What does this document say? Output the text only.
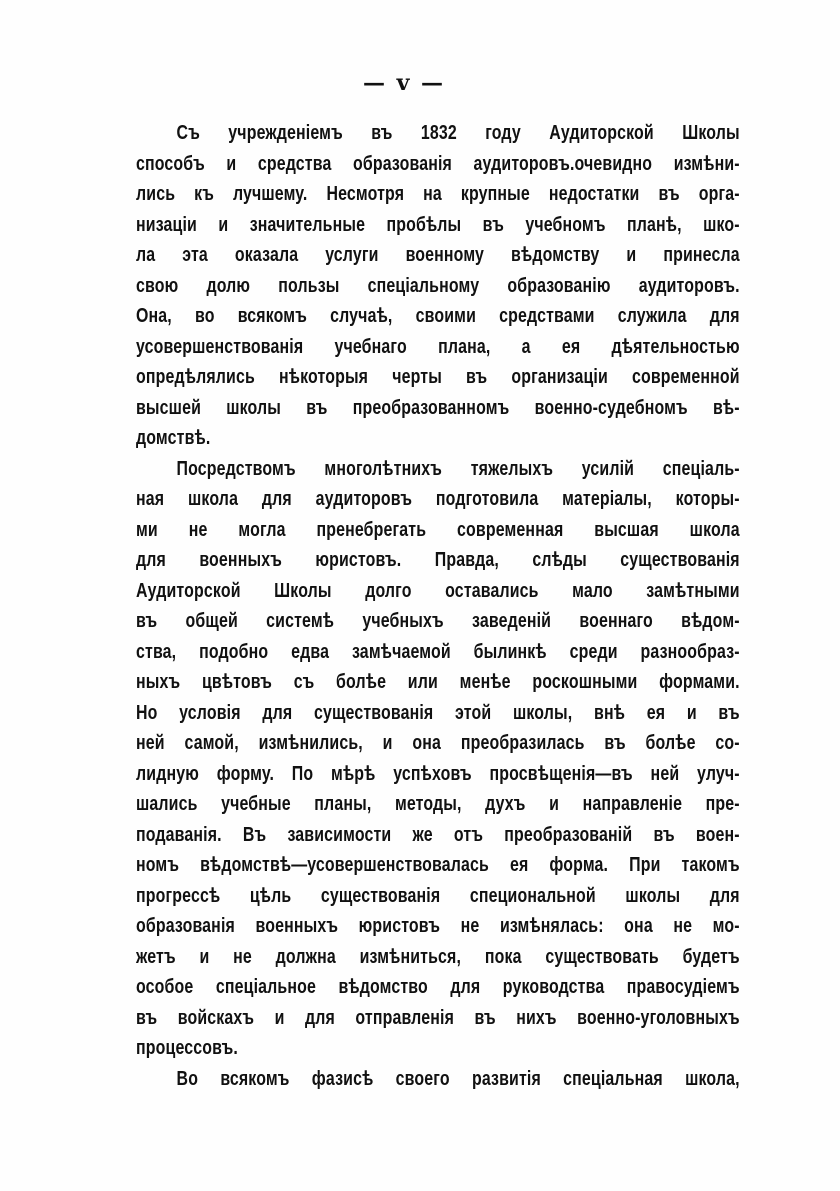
— v —
Съ учрежденіемъ въ 1832 году Аудиторской Школы
способъ и средства образованія аудиторовъ.очевидно измѣни-
лись къ лучшему. Несмотря на крупные недостатки въ орга-
низаціи и значительные пробѣлы въ учебномъ планѣ, шко-
ла эта оказала услуги военному вѣдомству и принесла
свою долю пользы спеціальному образованію аудиторовъ.
Она, во всякомъ случаѣ, своими средствами служила для
усовершенствованія учебнаго плана, а ея дѣятельностью
опредѣлялись нѣкоторыя черты въ организаціи современной
высшей школы въ преобразованномъ военно-судебномъ вѣ-
домствѣ.
Посредствомъ многолѣтнихъ тяжелыхъ усилій спеціаль-
ная школа для аудиторовъ подготовила матеріалы, которы-
ми не могла пренебрегать современная высшая школа
для военныхъ юристовъ. Правда, слѣды существованія
Аудиторской Школы долго оставались мало замѣтными
въ общей системѣ учебныхъ заведеній военнаго вѣдом-
ства, подобно едва замѣчаемой былинкѣ среди разнообраз-
ныхъ цвѣтовъ съ болѣе или менѣе роскошными формами.
Но условія для существованія этой школы, внѣ ея и въ
ней самой, измѣнились, и она преобразилась въ болѣе со-
лидную форму. По мѣрѣ успѣховъ просвѣщенія—въ ней улуч-
шались учебные планы, методы, духъ и направленіе пре-
подаванія. Въ зависимости же отъ преобразованій въ воен-
номъ вѣдомствѣ—усовершенствовалась ея форма. При такомъ
прогрессѣ цѣль существованія специональной школы для
образованія военныхъ юристовъ не измѣнялась: она не мо-
жетъ и не должна измѣниться, пока существовать будетъ
особое спеціальное вѣдомство для руководства правосудіемъ
въ войскахъ и для отправленія въ нихъ военно-уголовныхъ
процессовъ.
Во всякомъ фазисѣ своего развитія спеціальная школа,
